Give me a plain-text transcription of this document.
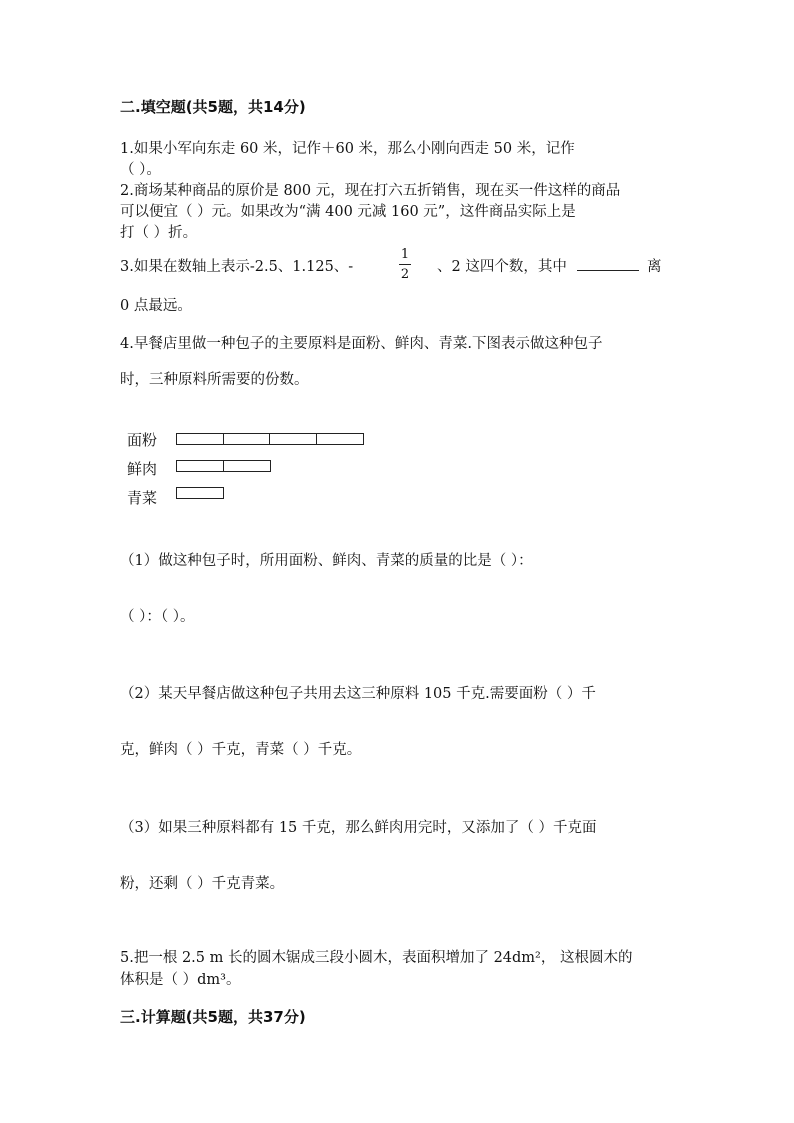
二.填空题(共5题，共14分)
1.如果小军向东走 60 米，记作＋60 米，那么小刚向西走 50 米，记作
（ ）。
2.商场某种商品的原价是 800 元，现在打六五折销售，现在买一件这样的商品
可以便宜（ ）元。如果改为“满 400 元减 160 元”，这件商品实际上是
打（ ）折。
3.如果在数轴上表示-2.5、1.125、-
1
2 、2 这四个数，其中	离
0 点最远。
4.早餐店里做一种包子的主要原料是面粉、鲜肉、青菜.下图表示做这种包子
时，三种原料所需要的份数。
面粉
鲜肉
青菜
（1）做这种包子时，所用面粉、鲜肉、青菜的质量的比是（ ）：
（ ）：（ ）。
（2）某天早餐店做这种包子共用去这三种原料 105 千克.需要面粉（ ）千
克，鲜肉（ ）千克，青菜（ ）千克。
（3）如果三种原料都有 15 千克，那么鲜肉用完时，又添加了（ ）千克面
粉，还剩（ ）千克青菜。
5.把一根 2.5 m 长的圆木锯成三段小圆木，表面积增加了 24dm²， 这根圆木的
体积是（ ）dm³。
三.计算题(共5题，共37分)
